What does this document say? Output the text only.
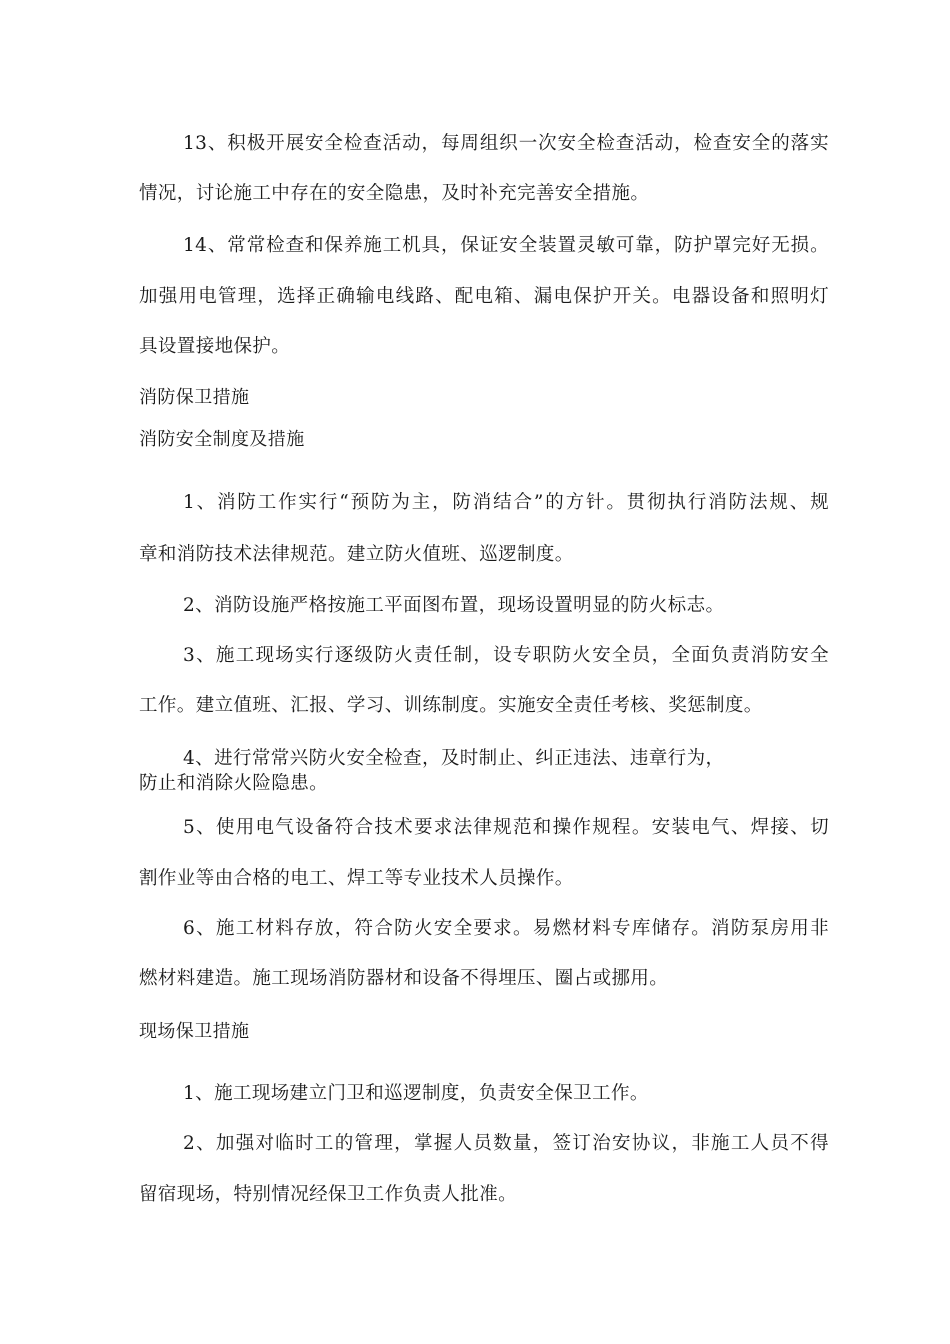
13、积极开展安全检查活动，每周组织一次安全检查活动，检查安全的落实
情况，讨论施工中存在的安全隐患，及时补充完善安全措施。
14、常常检查和保养施工机具，保证安全装置灵敏可靠，防护罩完好无损。
加强用电管理，选择正确输电线路、配电箱、漏电保护开关。电器设备和照明灯
具设置接地保护。
消防保卫措施
消防安全制度及措施
1、消防工作实行“预防为主，防消结合”的方针。贯彻执行消防法规、规
章和消防技术法律规范。建立防火值班、巡逻制度。
2、消防设施严格按施工平面图布置，现场设置明显的防火标志。
3、施工现场实行逐级防火责任制，设专职防火安全员，全面负责消防安全
工作。建立值班、汇报、学习、训练制度。实施安全责任考核、奖惩制度。
4、进行常常兴防火安全检查，及时制止、纠正违法、违章行为，
防止和消除火险隐患。
5、使用电气设备符合技术要求法律规范和操作规程。安装电气、焊接、切
割作业等由合格的电工、焊工等专业技术人员操作。
6、施工材料存放，符合防火安全要求。易燃材料专库储存。消防泵房用非
燃材料建造。施工现场消防器材和设备不得埋压、圈占或挪用。
现场保卫措施
1、施工现场建立门卫和巡逻制度，负责安全保卫工作。
2、加强对临时工的管理，掌握人员数量，签订治安协议，非施工人员不得
留宿现场，特别情况经保卫工作负责人批准。
